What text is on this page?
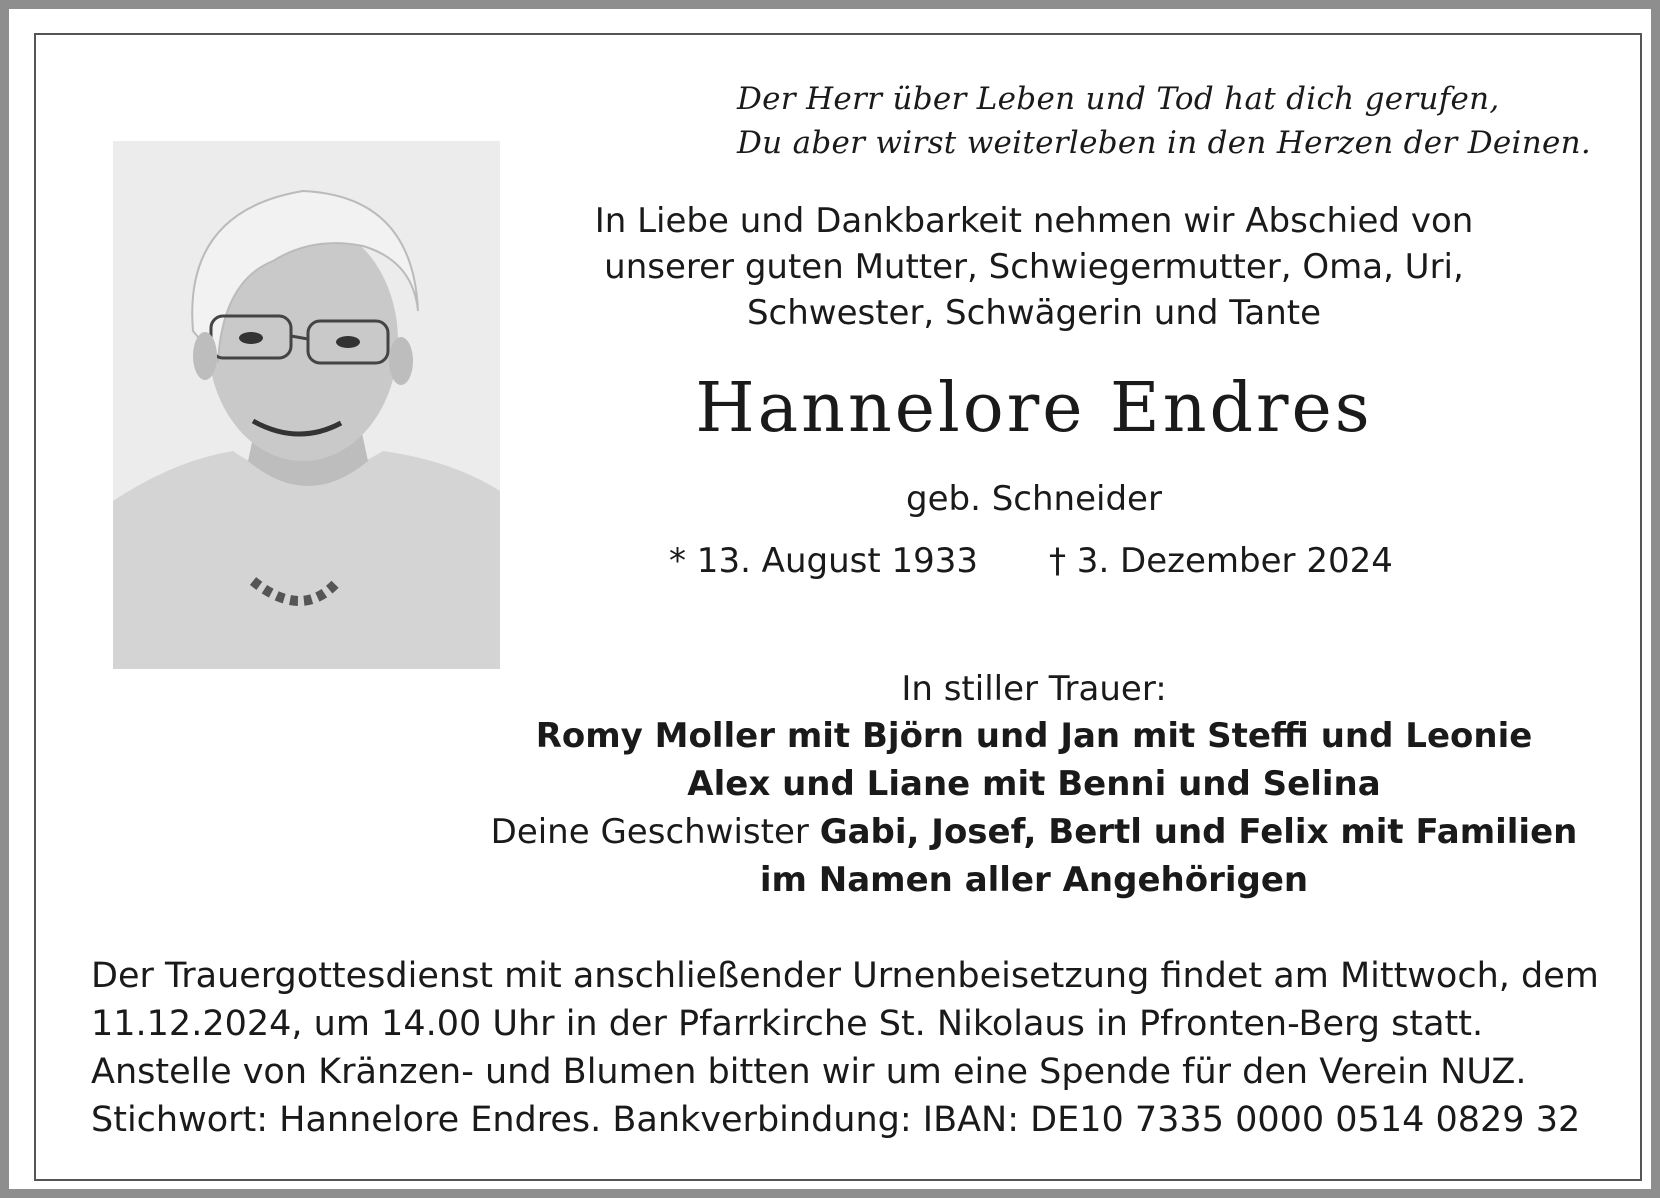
Der Herr über Leben und Tod hat dich gerufen,
Du aber wirst weiterleben in den Herzen der Deinen.
In Liebe und Dankbarkeit nehmen wir Abschied von
unserer guten Mutter, Schwiegermutter, Oma, Uri,
Schwester, Schwägerin und Tante
Hannelore Endres
geb. Schneider
* 13. August 1933 † 3. Dezember 2024
In stiller Trauer:
Romy Moller mit Björn und Jan mit Steffi und Leonie
Alex und Liane mit Benni und Selina
Deine Geschwister Gabi, Josef, Bertl und Felix mit Familien
im Namen aller Angehörigen
Der Trauergottesdienst mit anschließender Urnenbeisetzung findet am Mittwoch, dem
11.12.2024, um 14.00 Uhr in der Pfarrkirche St. Nikolaus in Pfronten-Berg statt.
Anstelle von Kränzen- und Blumen bitten wir um eine Spende für den Verein NUZ.
Stichwort: Hannelore Endres. Bankverbindung: IBAN: DE10 7335 0000 0514 0829 32
